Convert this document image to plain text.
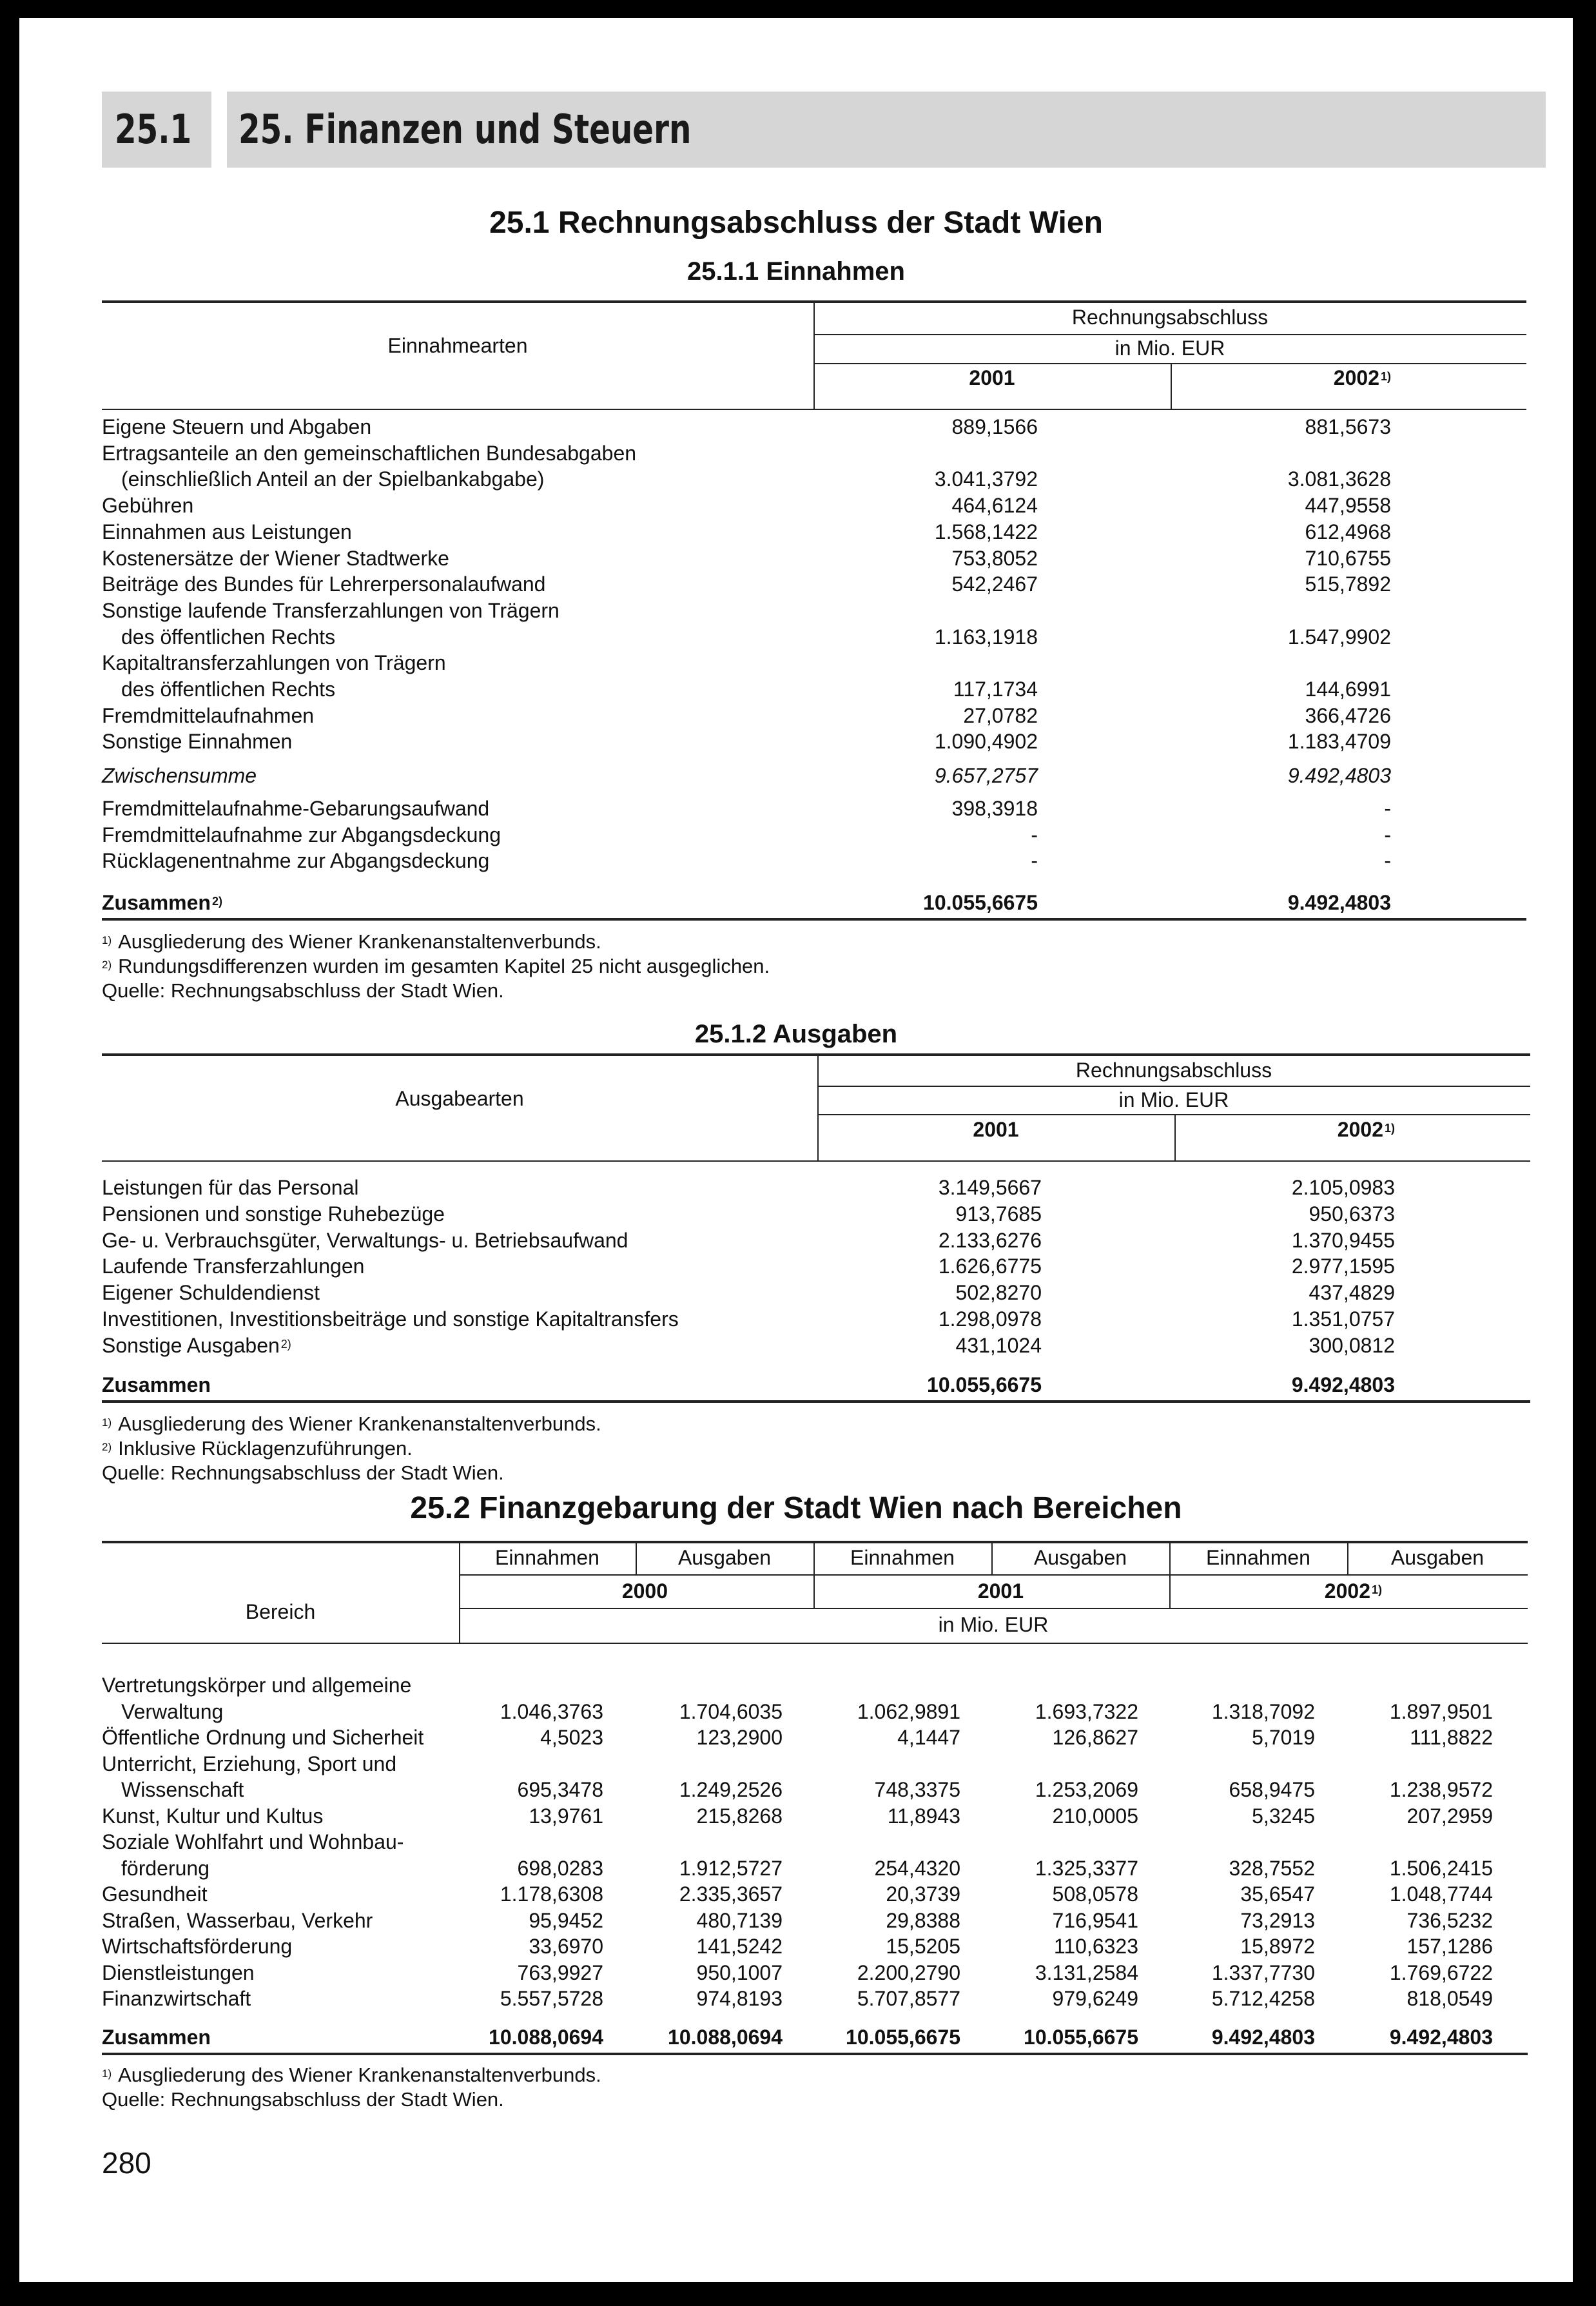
25.1 25. Finanzen und Steuern
25.1 Rechnungsabschluss der Stadt Wien
25.1.1 Einnahmen
Rechnungsabschluss
in Mio. EUR
2001	2002 $^{1)}$
Einnahmearten
Eigene Steuern und Abgaben	889,1566	881,5673
Ertragsanteile an den gemeinschaftlichen Bundesabgaben
(einschließlich Anteil an der Spielbankabgabe)	3.041,3792	3.081,3628
Gebühren	464,6124	447,9558
Einnahmen aus Leistungen	1.568,1422	612,4968
Kostenersätze der Wiener Stadtwerke	753,8052	710,6755
Beiträge des Bundes für Lehrerpersonalaufwand	542,2467	515,7892
Sonstige laufende Transferzahlungen von Trägern
des öffentlichen Rechts	1.163,1918	1.547,9902
Kapitaltransferzahlungen von Trägern
des öffentlichen Rechts	117,1734	144,6991
Fremdmittelaufnahmen	27,0782	366,4726
Sonstige Einnahmen	1.090,4902	1.183,4709
Zwischensumme	9.657,2757	9.492,4803
Fremdmittelaufnahme-Gebarungsaufwand	398,3918	-
Fremdmittelaufnahme zur Abgangsdeckung	-	-
Rücklagenentnahme zur Abgangsdeckung	-	-
Zusammen $^{2)}$	10.055,6675	9.492,4803
$^{1)}$ Ausgliederung des Wiener Krankenanstaltenverbunds.
$^{2)}$ Rundungsdifferenzen wurden im gesamten Kapitel 25 nicht ausgeglichen.
Quelle: Rechnungsabschluss der Stadt Wien.
25.1.2 Ausgaben
Rechnungsabschluss
in Mio. EUR
2001	2002 $^{1)}$
Ausgabearten
Leistungen für das Personal	3.149,5667	2.105,0983
Pensionen und sonstige Ruhebezüge	913,7685	950,6373
Ge- u. Verbrauchsgüter, Verwaltungs- u. Betriebsaufwand	2.133,6276	1.370,9455
Laufende Transferzahlungen	1.626,6775	2.977,1595
Eigener Schuldendienst	502,8270	437,4829
Investitionen, Investitionsbeiträge und sonstige Kapitaltransfers	1.298,0978	1.351,0757
Sonstige Ausgaben $^{2)}$	431,1024	300,0812
Zusammen	10.055,6675	9.492,4803
$^{1)}$ Ausgliederung des Wiener Krankenanstaltenverbunds.
$^{2)}$ Inklusive Rücklagenzuführungen.
Quelle: Rechnungsabschluss der Stadt Wien.
25.2 Finanzgebarung der Stadt Wien nach Bereichen
Einnahmen	Ausgaben	Einnahmen	Ausgaben	Einnahmen	Ausgaben
2000	2001	2002 $^{1)}$
in Mio. EUR
Bereich
Vertretungskörper und allgemeine
Verwaltung	1.046,3763	1.704,6035	1.062,9891	1.693,7322	1.318,7092	1.897,9501
Öffentliche Ordnung und Sicherheit	4,5023	123,2900	4,1447	126,8627	5,7019	111,8822
Unterricht, Erziehung, Sport und
Wissenschaft	695,3478	1.249,2526	748,3375	1.253,2069	658,9475	1.238,9572
Kunst, Kultur und Kultus	13,9761	215,8268	11,8943	210,0005	5,3245	207,2959
Soziale Wohlfahrt und Wohnbau-
förderung	698,0283	1.912,5727	254,4320	1.325,3377	328,7552	1.506,2415
Gesundheit	1.178,6308	2.335,3657	20,3739	508,0578	35,6547	1.048,7744
Straßen, Wasserbau, Verkehr	95,9452	480,7139	29,8388	716,9541	73,2913	736,5232
Wirtschaftsförderung	33,6970	141,5242	15,5205	110,6323	15,8972	157,1286
Dienstleistungen	763,9927	950,1007	2.200,2790	3.131,2584	1.337,7730	1.769,6722
Finanzwirtschaft	5.557,5728	974,8193	5.707,8577	979,6249	5.712,4258	818,0549
Zusammen	10.088,0694	10.088,0694	10.055,6675	10.055,6675	9.492,4803	9.492,4803
$^{1)}$ Ausgliederung des Wiener Krankenanstaltenverbunds.
Quelle: Rechnungsabschluss der Stadt Wien.
280
